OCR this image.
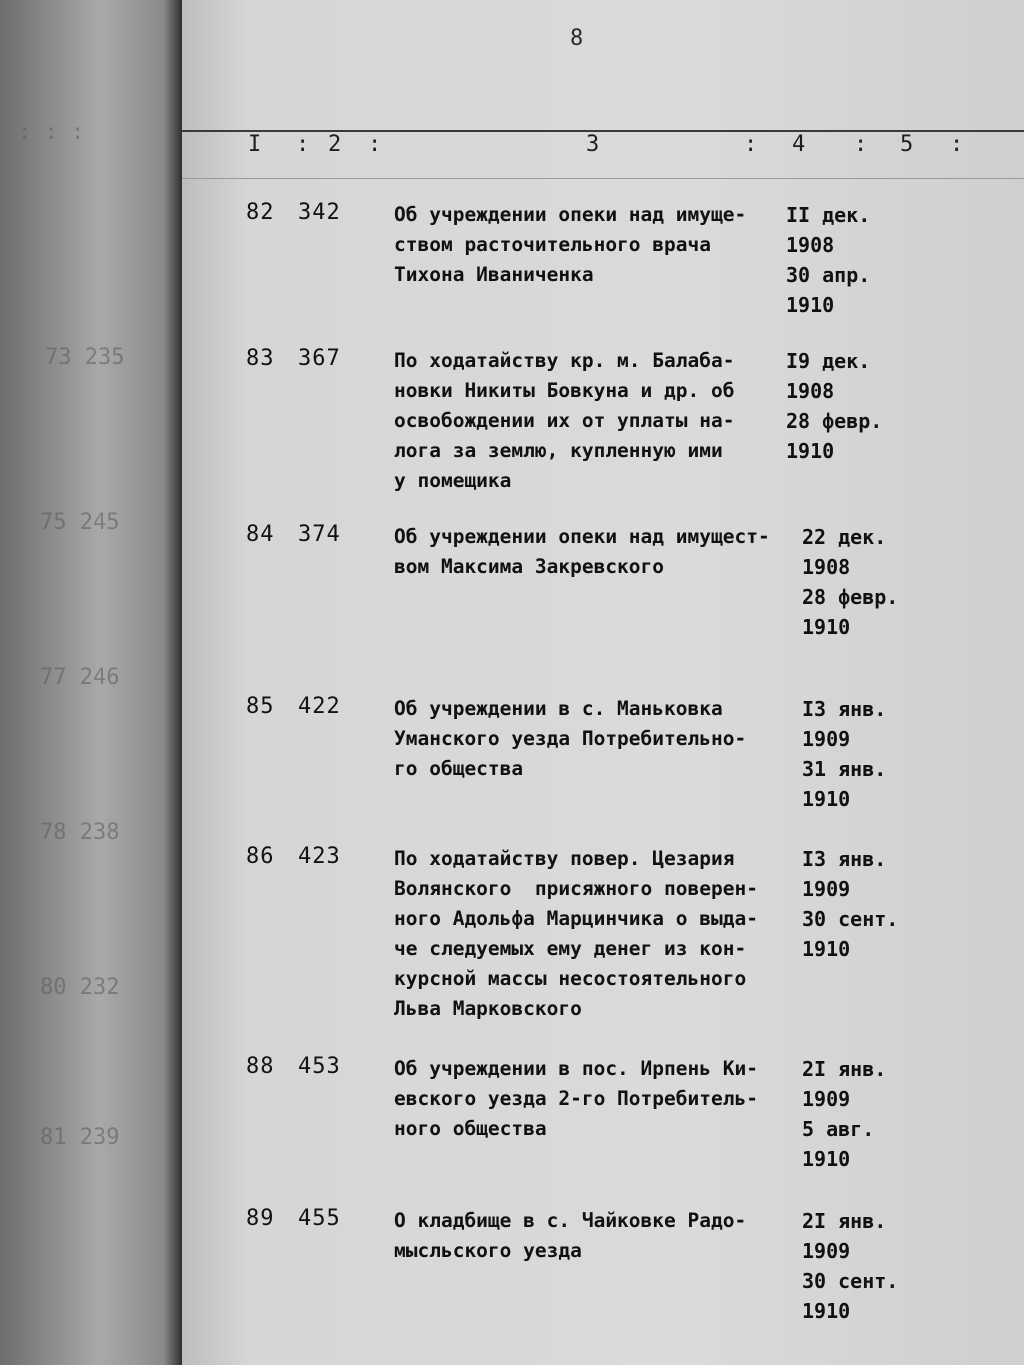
: : :
73 235
75 245
77 246
78 238
80 232
81 239
8
I : 2 :	3	: 4 : 5 :
82 342	Об учреждении опеки над имуще-
ством расточительного врача
Тихона Иваниченка
II дек.
1908
30 апр.
1910
83 367	По ходатайству кр. м. Балаба-
новки Никиты Бовкуна и др. об
освобождении их от уплаты на-
лога за землю, купленную ими
у помещика
I9 дек.
1908
28 февр.
1910
84 374	Об учреждении опеки над имущест-
вом Максима Закревского
22 дек.
1908
28 февр.
1910
85 422	Об учреждении в с. Маньковка
Уманского уезда Потребительно-
го общества
I3 янв.
1909
31 янв.
1910
86 423	По ходатайству повер. Цезария
Волянского  присяжного поверен-
ного Адольфа Марцинчика о выда-
че следуемых ему денег из кон-
курсной массы несостоятельного
Льва Марковского
I3 янв.
1909
30 сент.
1910
88 453	Об учреждении в пос. Ирпень Ки-
евского уезда 2-го Потребитель-
ного общества
2I янв.
1909
5 авг.
1910
89 455	О кладбище в с. Чайковке Радо-
мысльского уезда
2I янв.
1909
30 сент.
1910
